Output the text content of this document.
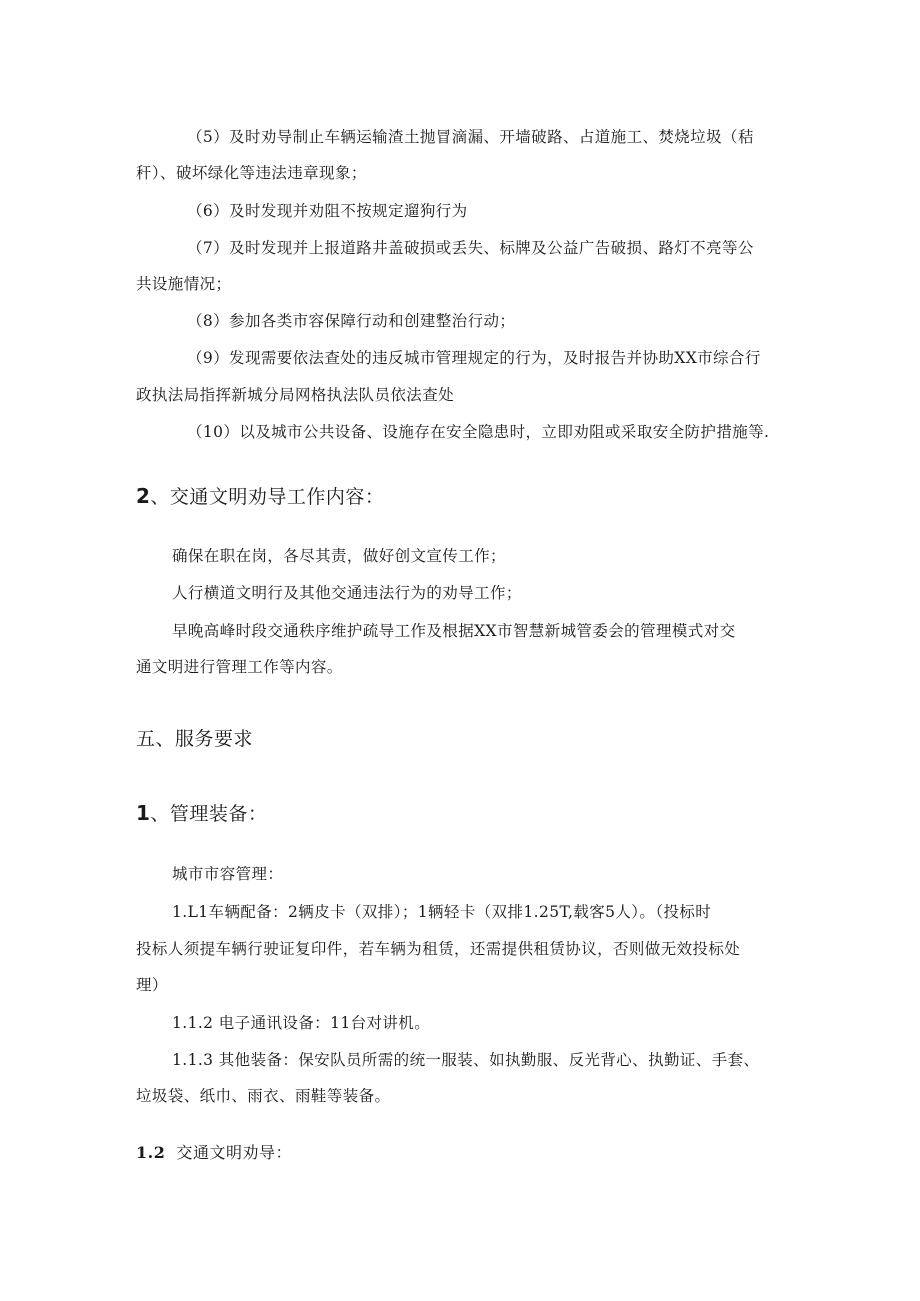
（5）及时劝导制止车辆运输渣土抛冒滴漏、开墙破路、占道施工、焚烧垃圾（秸
秆）、破坏绿化等违法违章现象；
（6）及时发现并劝阻不按规定遛狗行为
（7）及时发现并上报道路井盖破损或丢失、标牌及公益广告破损、路灯不亮等公
共设施情况；
（8）参加各类市容保障行动和创建整治行动；
（9）发现需要依法查处的违反城市管理规定的行为，及时报告并协助XX市综合行
政执法局指挥新城分局网格执法队员依法查处
（10）以及城市公共设备、设施存在安全隐患时，立即劝阻或采取安全防护措施等.
2、交通文明劝导工作内容：
确保在职在岗，各尽其责，做好创文宣传工作；
人行横道文明行及其他交通违法行为的劝导工作；
早晚高峰时段交通秩序维护疏导工作及根据XX市智慧新城管委会的管理模式对交
通文明进行管理工作等内容。
五、服务要求
1、管理装备：
城市市容管理：
1.L1车辆配备：2辆皮卡（双排）；1辆轻卡（双排1.25T,载客5人）。（投标时
投标人须提车辆行驶证复印件，若车辆为租赁，还需提供租赁协议，否则做无效投标处
理）
1.1.2 电子通讯设备：11台对讲机。
1.1.3 其他装备：保安队员所需的统一服装、如执勤服、反光背心、执勤证、手套、
垃圾袋、纸巾、雨衣、雨鞋等装备。
1.2 交通文明劝导：
